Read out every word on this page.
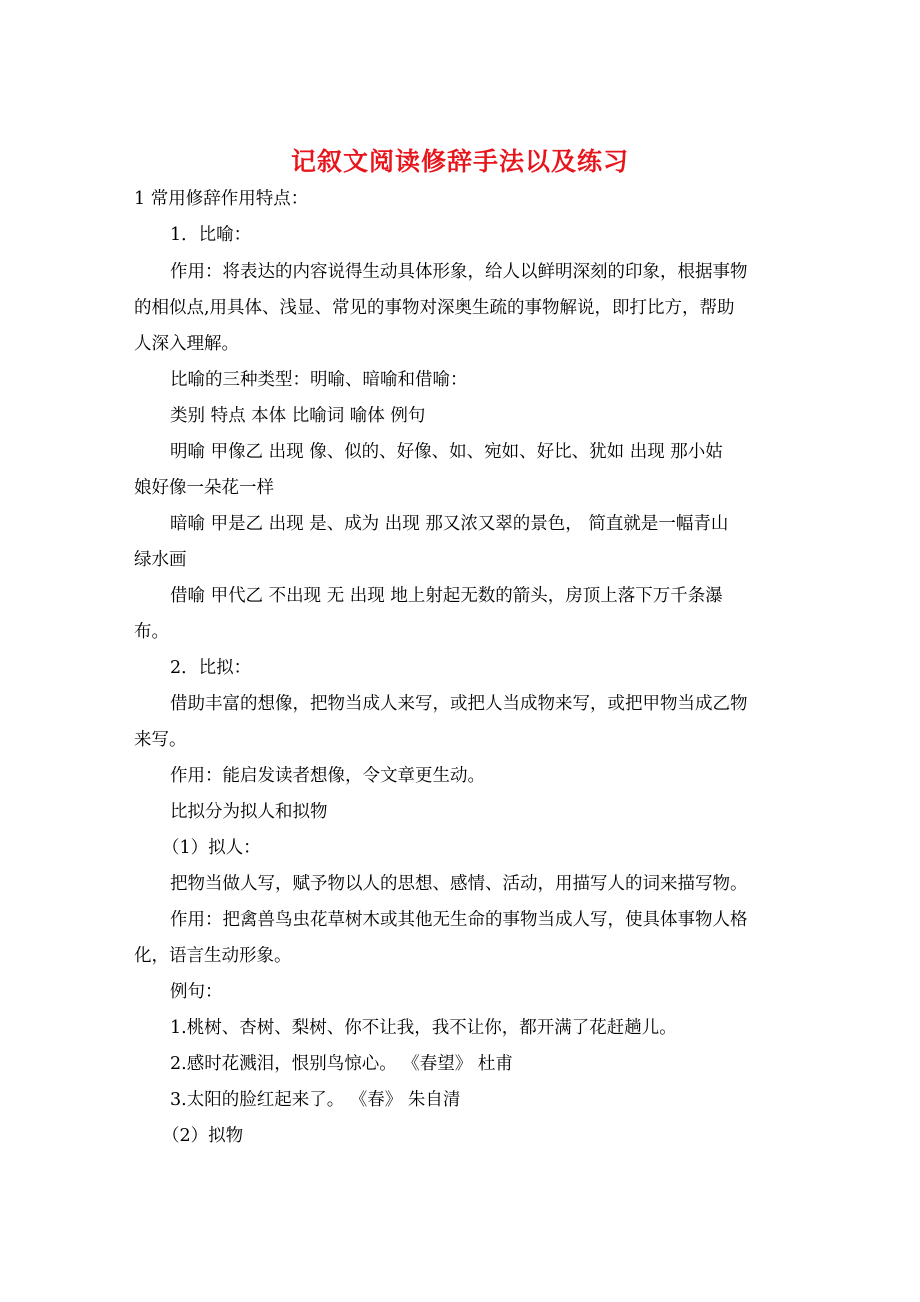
记叙文阅读修辞手法以及练习
1 常用修辞作用特点：
1．比喻：
作用：将表达的内容说得生动具体形象，给人以鲜明深刻的印象，根据事物
的相似点,用具体、浅显、常见的事物对深奥生疏的事物解说，即打比方，帮助
人深入理解。
比喻的三种类型：明喻、暗喻和借喻：
类别 特点 本体 比喻词 喻体 例句
明喻 甲像乙 出现 像、似的、好像、如、宛如、好比、犹如 出现 那小姑
娘好像一朵花一样
暗喻 甲是乙 出现 是、成为 出现 那又浓又翠的景色， 简直就是一幅青山
绿水画
借喻 甲代乙 不出现 无 出现 地上射起无数的箭头，房顶上落下万千条瀑
布。
2．比拟：
借助丰富的想像，把物当成人来写，或把人当成物来写，或把甲物当成乙物
来写。
作用：能启发读者想像，令文章更生动。
比拟分为拟人和拟物
（1）拟人：
把物当做人写，赋予物以人的思想、感情、活动，用描写人的词来描写物。
作用：把禽兽鸟虫花草树木或其他无生命的事物当成人写，使具体事物人格
化，语言生动形象。
例句：
1.桃树、杏树、梨树、你不让我，我不让你，都开满了花赶趟儿。
2.感时花溅泪，恨别鸟惊心。 《春望》 杜甫
3.太阳的脸红起来了。 《春》 朱自清
（2）拟物
